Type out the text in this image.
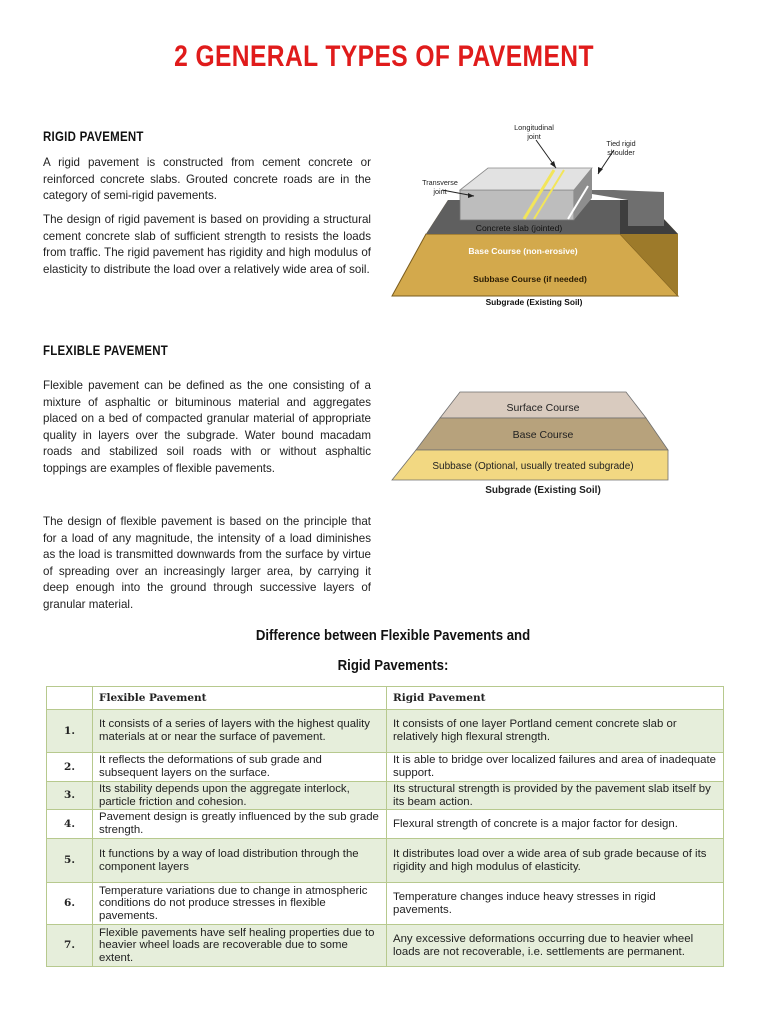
2 GENERAL TYPES OF PAVEMENT
RIGID PAVEMENT
A rigid pavement is constructed from cement concrete or reinforced concrete slabs. Grouted concrete roads are in the category of semi-rigid pavements.
The design of rigid pavement is based on providing a structural cement concrete slab of sufficient strength to resists the loads from traffic. The rigid pavement has rigidity and high modulus of elasticity to distribute the load over a relatively wide area of soil.
Longitudinal
joint
Tied rigid
shoulder
Transverse
joint
Concrete slab (jointed)
Base Course (non-erosive)
Subbase Course (if needed)
Subgrade (Existing Soil)
FLEXIBLE PAVEMENT
Flexible pavement can be defined as the one consisting of a mixture of asphaltic or bituminous material and aggregates placed on a bed of compacted granular material of appropriate quality in layers over the subgrade. Water bound macadam roads and stabilized soil roads with or without asphaltic toppings are examples of flexible pavements.
The design of flexible pavement is based on the principle that for a load of any magnitude, the intensity of a load diminishes as the load is transmitted downwards from the surface by virtue of spreading over an increasingly larger area, by carrying it deep enough into the ground through successive layers of granular material.
Surface Course
Base Course
Subbase (Optional, usually treated subgrade)
Subgrade (Existing Soil)
Difference between Flexible Pavements and
Rigid Pavements:
	Flexible Pavement	Rigid Pavement
1.	It consists of a series of layers with the highest quality materials at or near the surface of pavement.	It consists of one layer Portland cement concrete slab or relatively high flexural strength.
2.	It reflects the deformations of sub grade and subsequent layers on the surface.	It is able to bridge over localized failures and area of inadequate support.
3.	Its stability depends upon the aggregate interlock, particle friction and cohesion.	Its structural strength is provided by the pavement slab itself by its beam action.
4.	Pavement design is greatly influenced by the sub grade strength.	Flexural strength of concrete is a major factor for design.
5.	It functions by a way of load distribution through the component layers	It distributes load over a wide area of sub grade because of its rigidity and high modulus of elasticity.
6.	Temperature variations due to change in atmospheric conditions do not produce stresses in flexible pavements.	Temperature changes induce heavy stresses in rigid pavements.
7.	Flexible pavements have self healing properties due to heavier wheel loads are recoverable due to some extent.	Any excessive deformations occurring due to heavier wheel loads are not recoverable, i.e. settlements are permanent.
